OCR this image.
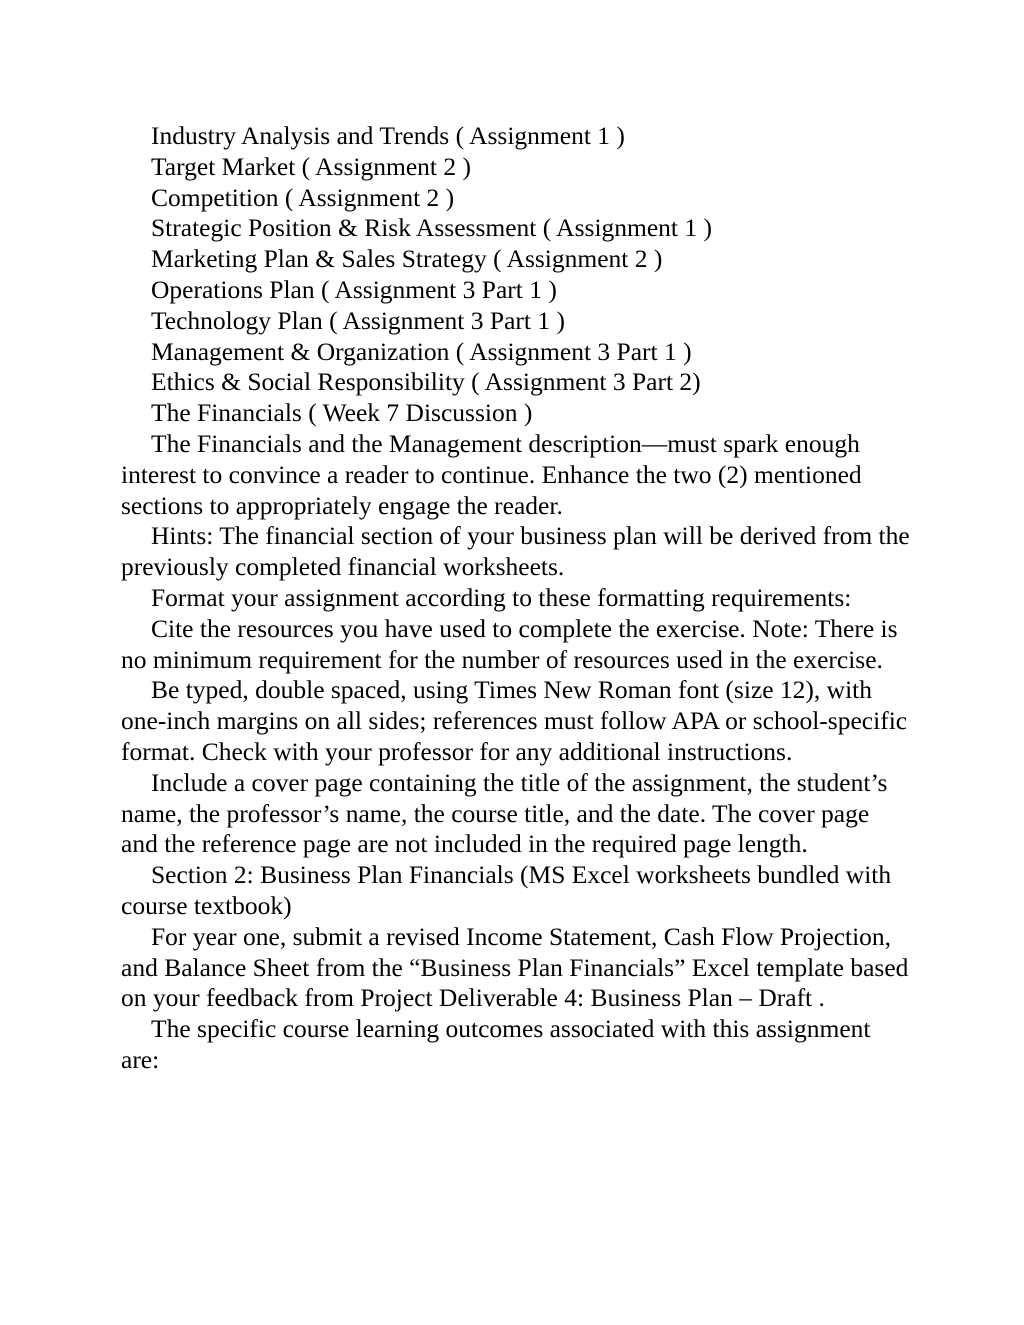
Industry Analysis and Trends ( Assignment 1 )

Target Market ( Assignment 2 )

Competition ( Assignment 2 )

Strategic Position & Risk Assessment ( Assignment 1 )

Marketing Plan & Sales Strategy ( Assignment 2 )

Operations Plan ( Assignment 3 Part 1 )

Technology Plan ( Assignment 3 Part 1 )

Management & Organization ( Assignment 3 Part 1 )

Ethics & Social Responsibility ( Assignment 3 Part 2)

The Financials ( Week 7 Discussion )

The Financials and the Management description—must spark enough interest to convince a reader to continue. Enhance the two (2) mentioned sections to appropriately engage the reader.

Hints: The financial section of your business plan will be derived from the previously completed financial worksheets.

Format your assignment according to these formatting requirements:

Cite the resources you have used to complete the exercise. Note: There is no minimum requirement for the number of resources used in the exercise.

Be typed, double spaced, using Times New Roman font (size 12), with one-inch margins on all sides; references must follow APA or school-specific format. Check with your professor for any additional instructions.

Include a cover page containing the title of the assignment, the student’s name, the professor’s name, the course title, and the date. The cover page and the reference page are not included in the required page length.

Section 2: Business Plan Financials (MS Excel worksheets bundled with course textbook)

For year one, submit a revised Income Statement, Cash Flow Projection, and Balance Sheet from the “Business Plan Financials” Excel template based on your feedback from Project Deliverable 4: Business Plan – Draft .

The specific course learning outcomes associated with this assignment are:
